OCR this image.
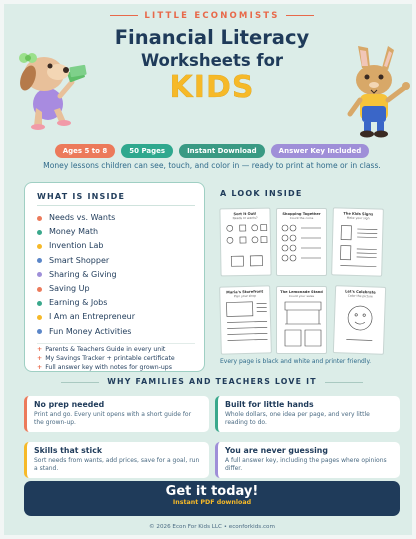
LITTLE ECONOMISTS
Financial Literacy
Worksheets for
KIDS
Ages 5 to 8	50 Pages	Instant Download	Answer Key Included
Money lessons children can see, touch, and color in — ready to print at home or in class.
WHAT IS INSIDE
Needs vs. Wants
Money Math
Invention Lab
Smart Shopper
Sharing & Giving
Saving Up
Earning & Jobs
I Am an Entrepreneur
Fun Money Activities
+ Parents & Teachers Guide in every unit
+ My Savings Tracker + printable certificate
+ Full answer key with notes for grown-ups
A LOOK INSIDE
Sort It Out!
Needs or wants?
Shopping Together
Count the coins
The Kids Signs
Make your sign
Maria's Storefront
Plan your shop
The Lemonade Stand
Count your sales
Let's Celebrate
Color the picture
Every page is black and white and printer friendly.
WHY FAMILIES AND TEACHERS LOVE IT
No prep needed

Print and go. Every unit opens with a short guide for the grown-up.

Built for little hands

Whole dollars, one idea per page, and very little reading to do.

Skills that stick

Sort needs from wants, add prices, save for a goal, run a stand.

You are never guessing

A full answer key, including the pages where opinions differ.

Get it today!
Instant PDF download
© 2026 Econ For Kids LLC • econforkids.com
